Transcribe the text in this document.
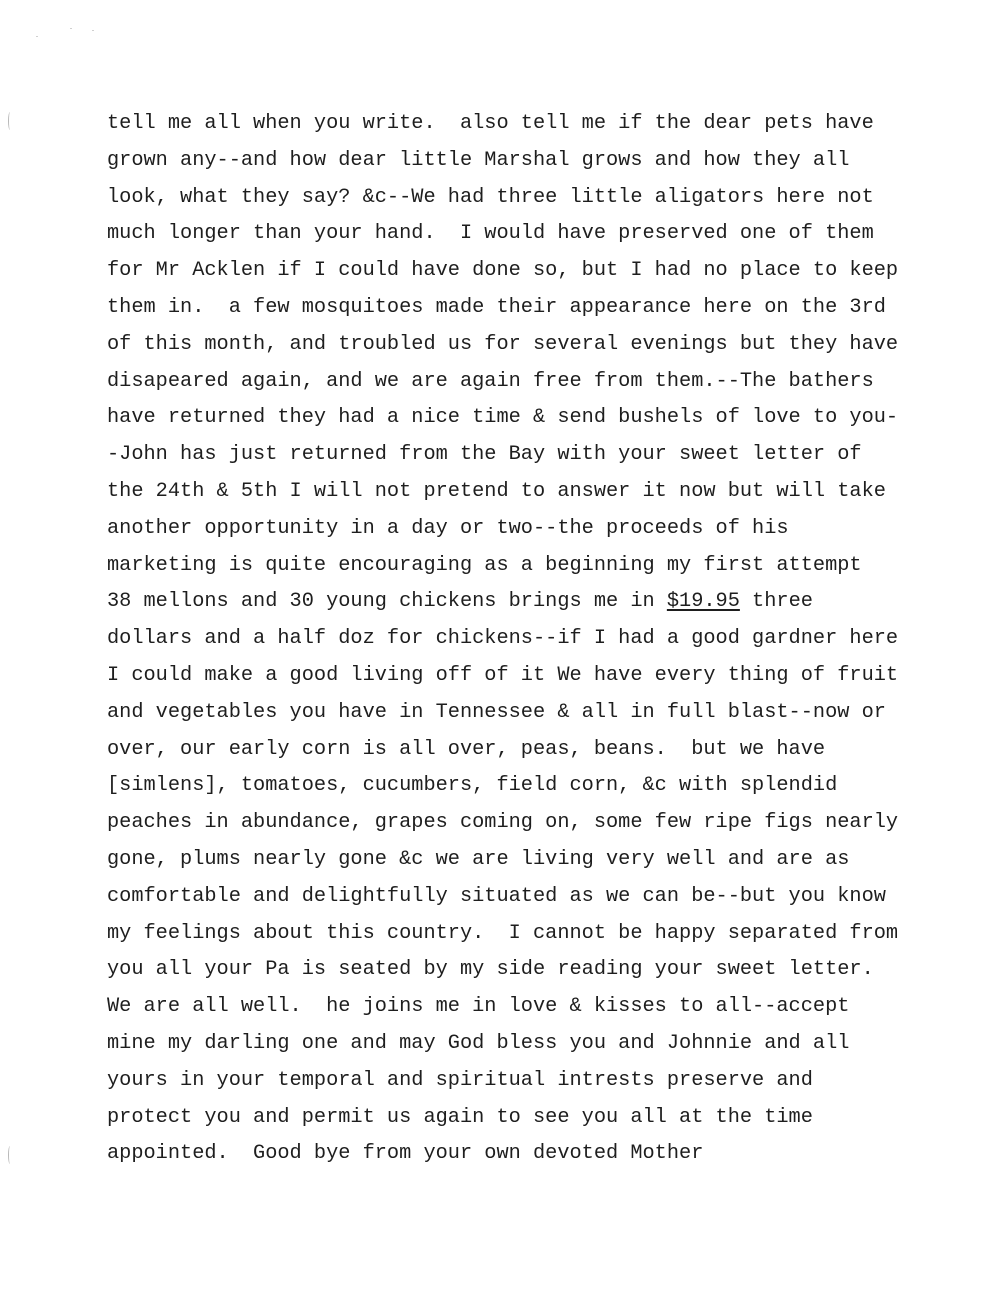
tell me all when you write.  also tell me if the dear pets have
grown any--and how dear little Marshal grows and how they all
look, what they say? &c--We had three little aligators here not
much longer than your hand.  I would have preserved one of them
for Mr Acklen if I could have done so, but I had no place to keep
them in.  a few mosquitoes made their appearance here on the 3rd
of this month, and troubled us for several evenings but they have
disapeared again, and we are again free from them.--The bathers
have returned they had a nice time & send bushels of love to you-
-John has just returned from the Bay with your sweet letter of
the 24th & 5th I will not pretend to answer it now but will take
another opportunity in a day or two--the proceeds of his
marketing is quite encouraging as a beginning my first attempt
38 mellons and 30 young chickens brings me in $19.95 three
dollars and a half doz for chickens--if I had a good gardner here
I could make a good living off of it We have every thing of fruit
and vegetables you have in Tennessee & all in full blast--now or
over, our early corn is all over, peas, beans.  but we have
[simlens], tomatoes, cucumbers, field corn, &c with splendid
peaches in abundance, grapes coming on, some few ripe figs nearly
gone, plums nearly gone &c we are living very well and are as
comfortable and delightfully situated as we can be--but you know
my feelings about this country.  I cannot be happy separated from
you all your Pa is seated by my side reading your sweet letter.
We are all well.  he joins me in love & kisses to all--accept
mine my darling one and may God bless you and Johnnie and all
yours in your temporal and spiritual intrests preserve and
protect you and permit us again to see you all at the time
appointed.  Good bye from your own devoted Mother
